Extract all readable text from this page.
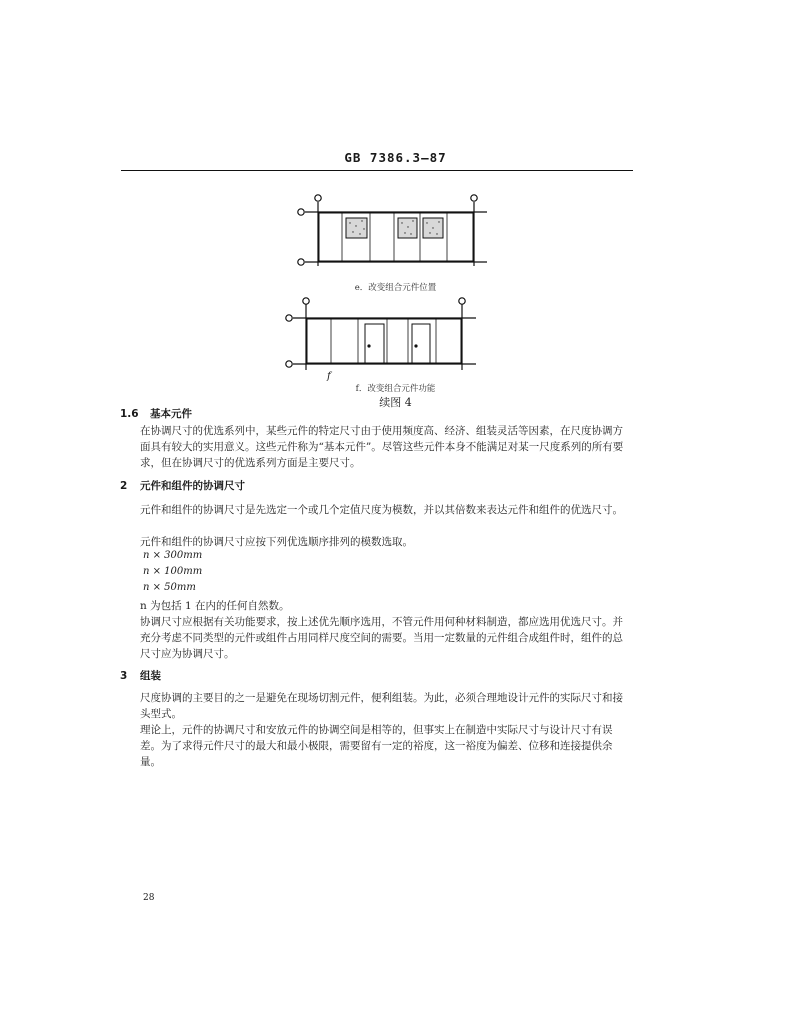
GB 7386.3—87
e．改变组合元件位置
f
f．改变组合元件功能
续图 4
1.6 基本元件
在协调尺寸的优选系列中，某些元件的特定尺寸由于使用频度高、经济、组装灵活等因素，在尺度协调方面具有较大的实用意义。这些元件称为“基本元件”。尽管这些元件本身不能满足对某一尺度系列的所有要求，但在协调尺寸的优选系列方面是主要尺寸。
2 元件和组件的协调尺寸
元件和组件的协调尺寸是先选定一个或几个定值尺度为模数，并以其倍数来表达元件和组件的优选尺寸。
元件和组件的协调尺寸应按下列优选顺序排列的模数选取。
n × 300mm
n × 100mm
n × 50mm
n 为包括 1 在内的任何自然数。
协调尺寸应根据有关功能要求，按上述优先顺序选用，不管元件用何种材料制造，都应选用优选尺寸。并充分考虑不同类型的元件或组件占用同样尺度空间的需要。当用一定数量的元件组合成组件时，组件的总尺寸应为协调尺寸。
3 组装
尺度协调的主要目的之一是避免在现场切割元件，便利组装。为此，必须合理地设计元件的实际尺寸和接头型式。
理论上，元件的协调尺寸和安放元件的协调空间是相等的，但事实上在制造中实际尺寸与设计尺寸有误差。为了求得元件尺寸的最大和最小极限，需要留有一定的裕度，这一裕度为偏差、位移和连接提供余量。
28
